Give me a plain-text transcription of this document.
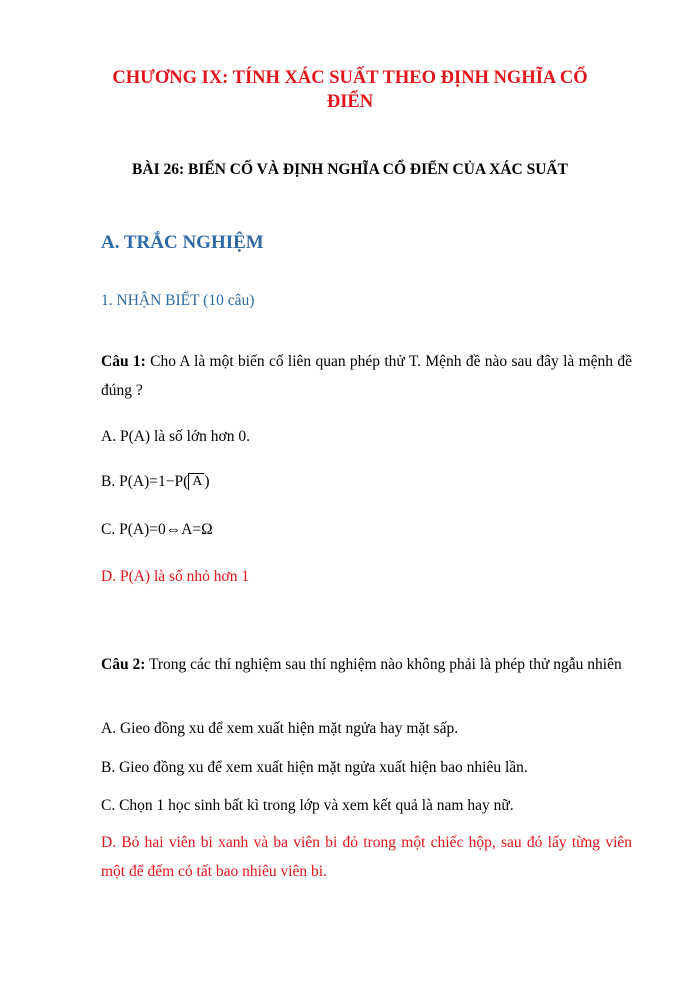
CHƯƠNG IX: TÍNH XÁC SUẤT THEO ĐỊNH NGHĨA CỔ ĐIỂN
BÀI 26: BIẾN CỐ VÀ ĐỊNH NGHĨA CỔ ĐIỂN CỦA XÁC SUẤT
A. TRẮC NGHIỆM
1. NHẬN BIẾT (10 câu)

Câu 1: Cho A là một biến cố liên quan phép thử T. Mệnh đề nào sau đây là mệnh đề đúng ?

A. P(A) là số lớn hơn 0.
B. P(A)=1−P( A )
C. P(A)=0⇔A=Ω
D. P(A) là số nhỏ hơn 1

Câu 2: Trong các thí nghiệm sau thí nghiệm nào không phải là phép thử ngẫu nhiên

A. Gieo đồng xu để xem xuất hiện mặt ngửa hay mặt sấp.
B. Gieo đồng xu để xem xuất hiện mặt ngửa xuất hiện bao nhiêu lần.
C. Chọn 1 học sinh bất kì trong lớp và xem kết quả là nam hay nữ.
D. Bỏ hai viên bi xanh và ba viên bi đỏ trong một chiếc hộp, sau đó lấy từng viên một để đếm có tất bao nhiêu viên bi.
